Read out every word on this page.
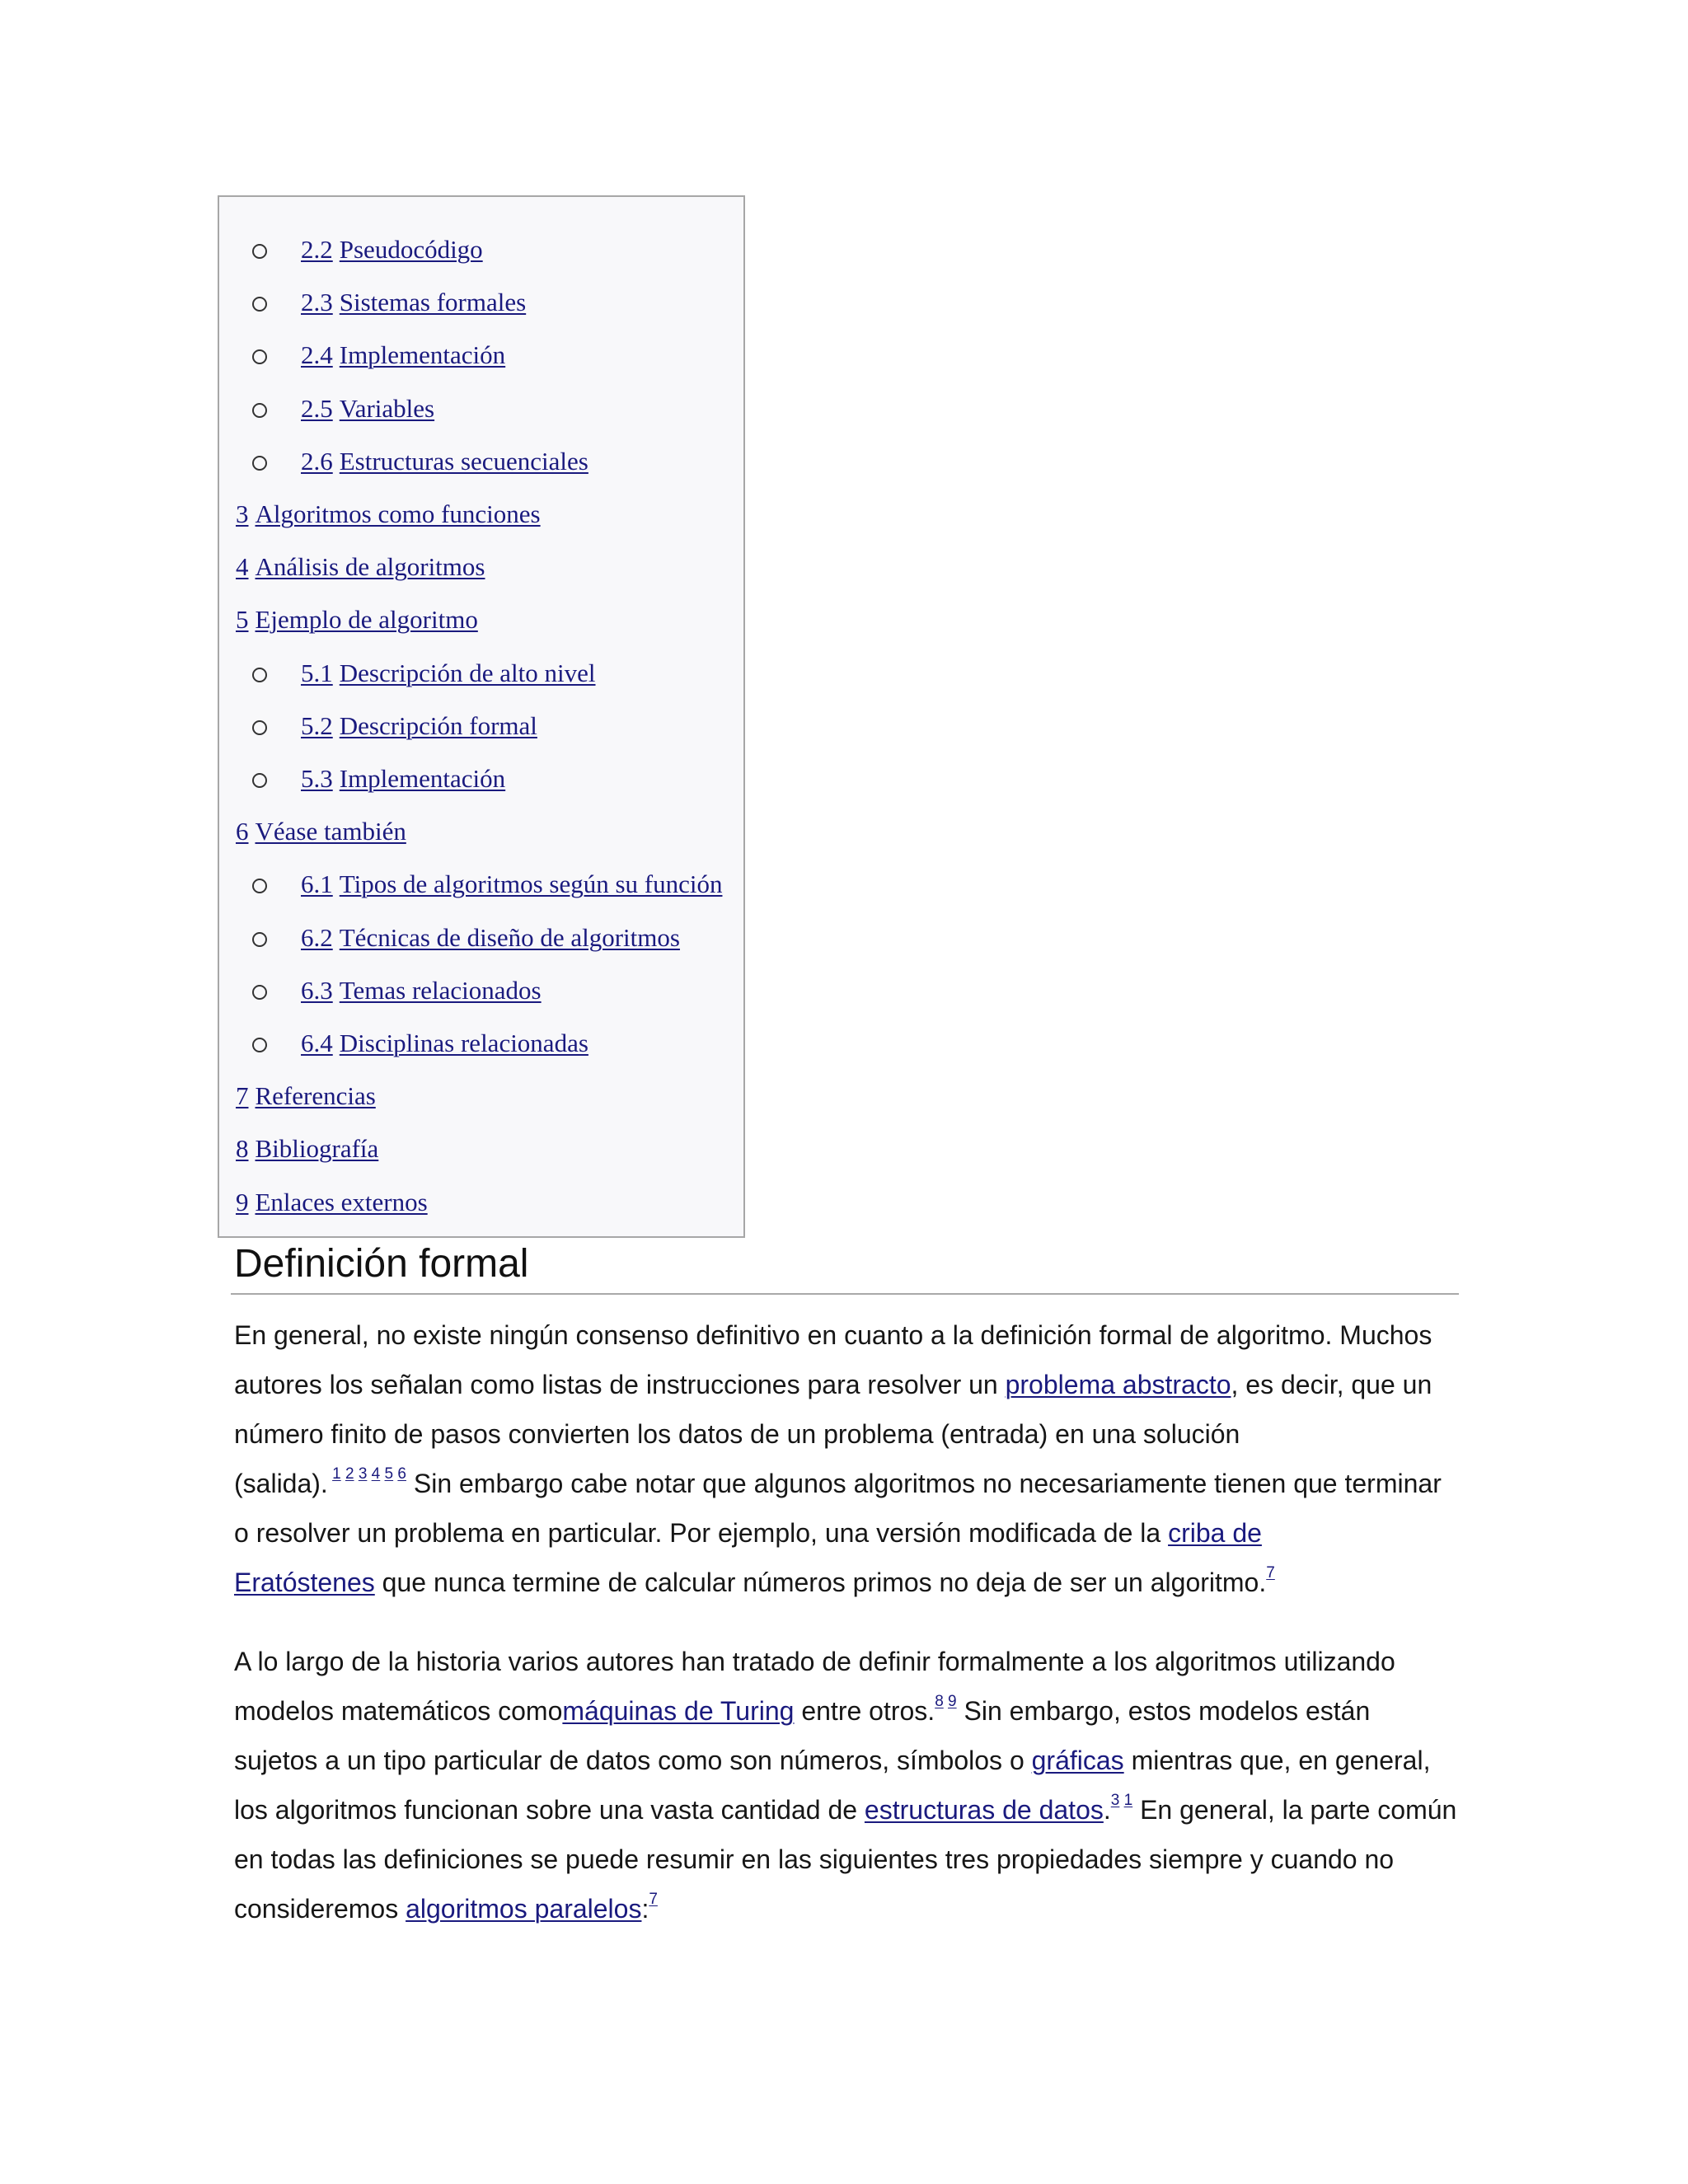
2.2 Pseudocódigo
2.3 Sistemas formales
2.4 Implementación
2.5 Variables
2.6 Estructuras secuenciales
3 Algoritmos como funciones
4 Análisis de algoritmos
5 Ejemplo de algoritmo
5.1 Descripción de alto nivel
5.2 Descripción formal
5.3 Implementación
6 Véase también
6.1 Tipos de algoritmos según su función
6.2 Técnicas de diseño de algoritmos
6.3 Temas relacionados
6.4 Disciplinas relacionadas
7 Referencias
8 Bibliografía
9 Enlaces externos
Definición formal
En general, no existe ningún consenso definitivo en cuanto a la definición formal de algoritmo. Muchos
autores los señalan como listas de instrucciones para resolver un problema abstracto, es decir, que un
número finito de pasos convierten los datos de un problema (entrada) en una solución
(salida). $^{1 2 3 4 5 6}$ Sin embargo cabe notar que algunos algoritmos no necesariamente tienen que terminar
o resolver un problema en particular. Por ejemplo, una versión modificada de la criba de
Eratóstenes que nunca termine de calcular números primos no deja de ser un algoritmo.$^7$
A lo largo de la historia varios autores han tratado de definir formalmente a los algoritmos utilizando
modelos matemáticos comomáquinas de Turing entre otros.$^{8 9}$ Sin embargo, estos modelos están
sujetos a un tipo particular de datos como son números, símbolos o gráficas mientras que, en general,
los algoritmos funcionan sobre una vasta cantidad de estructuras de datos.$^{3 1}$ En general, la parte común
en todas las definiciones se puede resumir en las siguientes tres propiedades siempre y cuando no
consideremos algoritmos paralelos:$^7$
